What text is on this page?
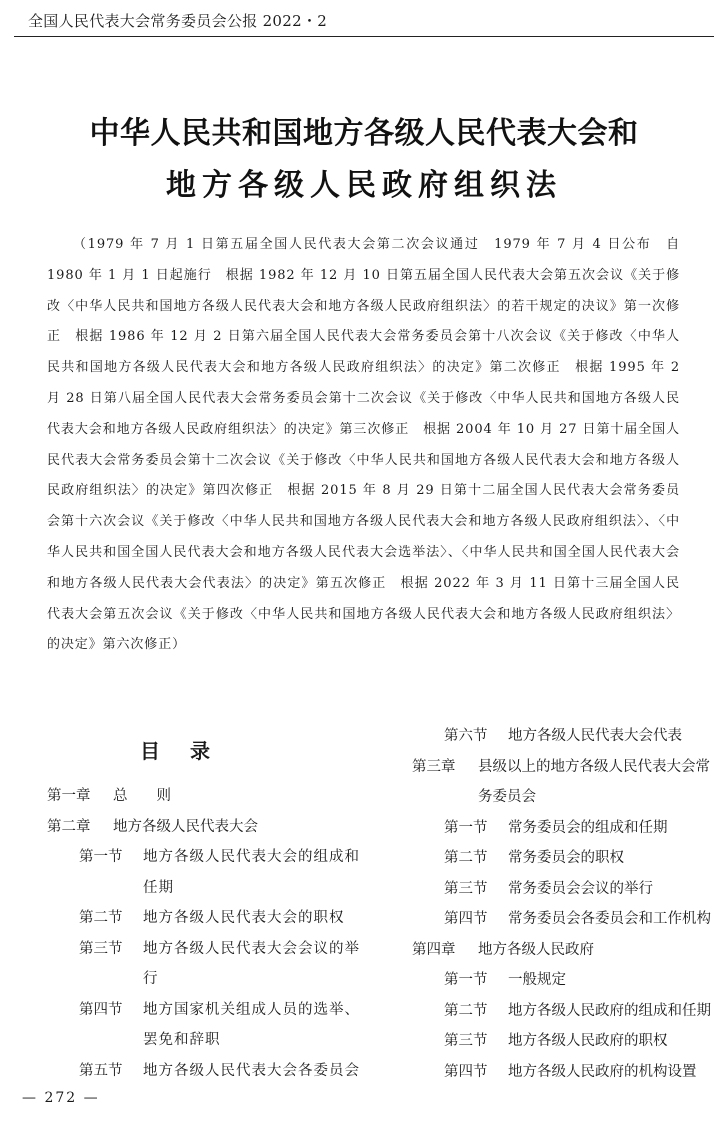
全国人民代表大会常务委员会公报 2022・2
中华人民共和国地方各级人民代表大会和
地方各级人民政府组织法
（1979 年 7 月 1 日第五届全国人民代表大会第二次会议通过　1979 年 7 月 4 日公布　自 1980 年 1 月 1 日起施行　根据 1982 年 12 月 10 日第五届全国人民代表大会第五次会议《关于修改〈中华人民共和国地方各级人民代表大会和地方各级人民政府组织法〉的若干规定的决议》第一次修正　根据 1986 年 12 月 2 日第六届全国人民代表大会常务委员会第十八次会议《关于修改〈中华人民共和国地方各级人民代表大会和地方各级人民政府组织法〉的决定》第二次修正　根据 1995 年 2 月 28 日第八届全国人民代表大会常务委员会第十二次会议《关于修改〈中华人民共和国地方各级人民代表大会和地方各级人民政府组织法〉的决定》第三次修正　根据 2004 年 10 月 27 日第十届全国人民代表大会常务委员会第十二次会议《关于修改〈中华人民共和国地方各级人民代表大会和地方各级人民政府组织法〉的决定》第四次修正　根据 2015 年 8 月 29 日第十二届全国人民代表大会常务委员会第十六次会议《关于修改〈中华人民共和国地方各级人民代表大会和地方各级人民政府组织法〉、〈中华人民共和国全国人民代表大会和地方各级人民代表大会选举法〉、〈中华人民共和国全国人民代表大会和地方各级人民代表大会代表法〉的决定》第五次修正　根据 2022 年 3 月 11 日第十三届全国人民代表大会第五次会议《关于修改〈中华人民共和国地方各级人民代表大会和地方各级人民政府组织法〉的决定》第六次修正）
目录
第一章 总　　则
第二章 地方各级人民代表大会
第一节 地方各级人民代表大会的组成和任期
第二节 地方各级人民代表大会的职权
第三节 地方各级人民代表大会会议的举行
第四节 地方国家机关组成人员的选举、罢免和辞职
第五节 地方各级人民代表大会各委员会
第六节 地方各级人民代表大会代表
第三章 县级以上的地方各级人民代表大会常务委员会
第一节 常务委员会的组成和任期
第二节 常务委员会的职权
第三节 常务委员会会议的举行
第四节 常务委员会各委员会和工作机构
第四章 地方各级人民政府
第一节 一般规定
第二节 地方各级人民政府的组成和任期
第三节 地方各级人民政府的职权
第四节 地方各级人民政府的机构设置
— 272 —
